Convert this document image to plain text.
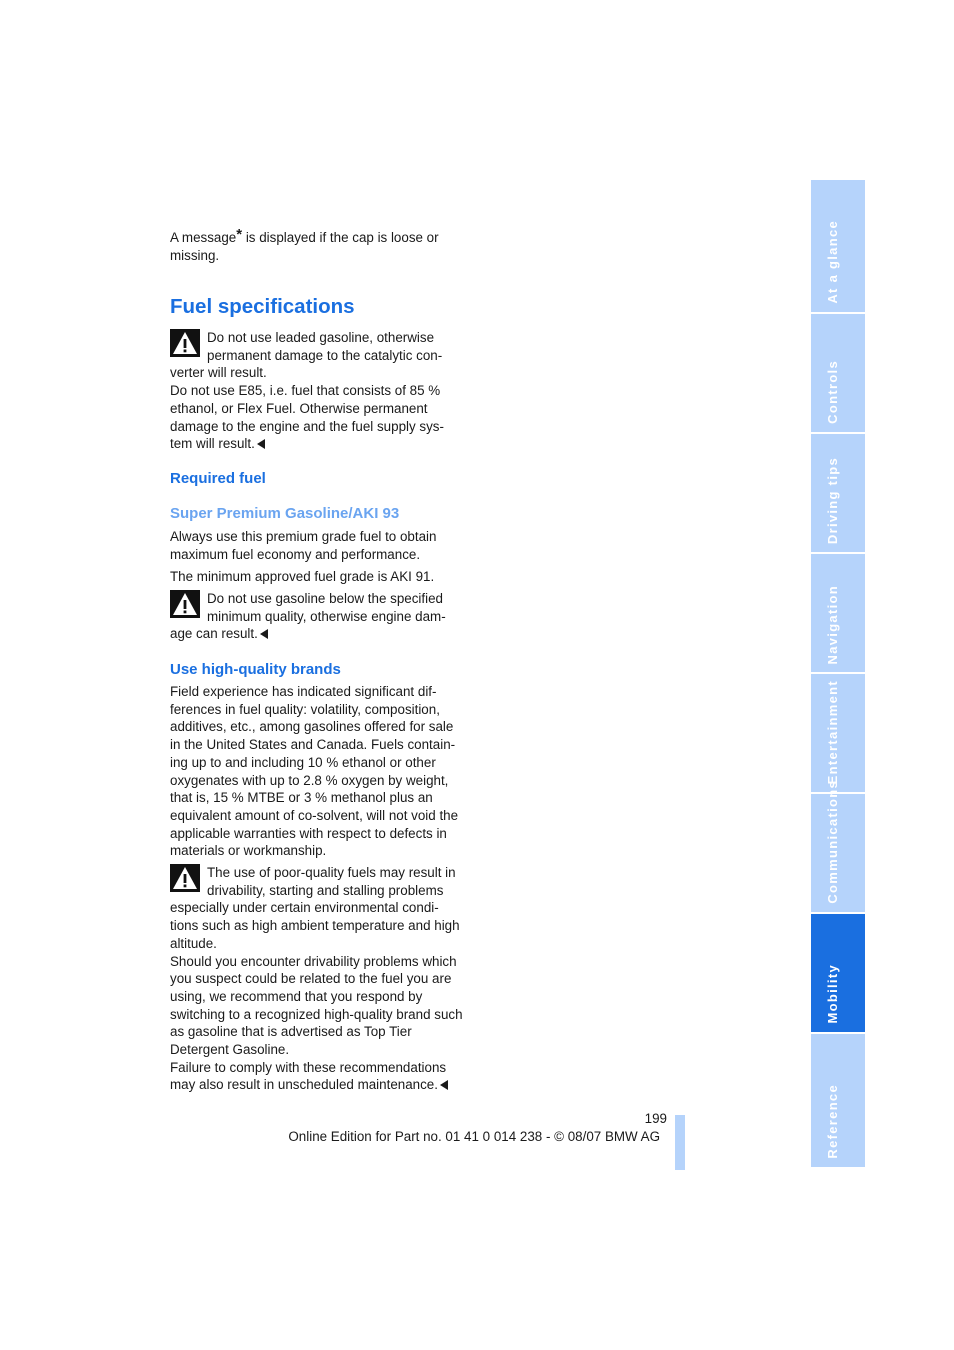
A message* is displayed if the cap is loose or missing.

Fuel specifications

Do not use leaded gasoline, otherwise permanent damage to the catalytic con-verter will result.

Do not use E85, i.e. fuel that consists of 85 % ethanol, or Flex Fuel. Otherwise permanent damage to the engine and the fuel supply sys-tem will result.

Required fuel
Super Premium Gasoline/AKI 93

Always use this premium grade fuel to obtain maximum fuel economy and performance.

The minimum approved fuel grade is AKI 91.

Do not use gasoline below the specified minimum quality, otherwise engine dam-age can result.

Use high-quality brands

Field experience has indicated significant dif-ferences in fuel quality: volatility, composition, additives, etc., among gasolines offered for sale in the United States and Canada. Fuels contain-ing up to and including 10 % ethanol or other oxygenates with up to 2.8 % oxygen by weight, that is, 15 % MTBE or 3 % methanol plus an equivalent amount of co-solvent, will not void the applicable warranties with respect to defects in materials or workmanship.

The use of poor-quality fuels may result in drivability, starting and stalling problems especially under certain environmental condi-tions such as high ambient temperature and high altitude.

Should you encounter drivability problems which you suspect could be related to the fuel you are using, we recommend that you respond by switching to a recognized high-quality brand such as gasoline that is advertised as Top Tier Detergent Gasoline.

Failure to comply with these recommendations may also result in unscheduled maintenance.

At a glance
Controls
Driving tips
Navigation
Entertainment
Communications
Mobility
Reference
199
Online Edition for Part no. 01 41 0 014 238 - © 08/07 BMW AG
